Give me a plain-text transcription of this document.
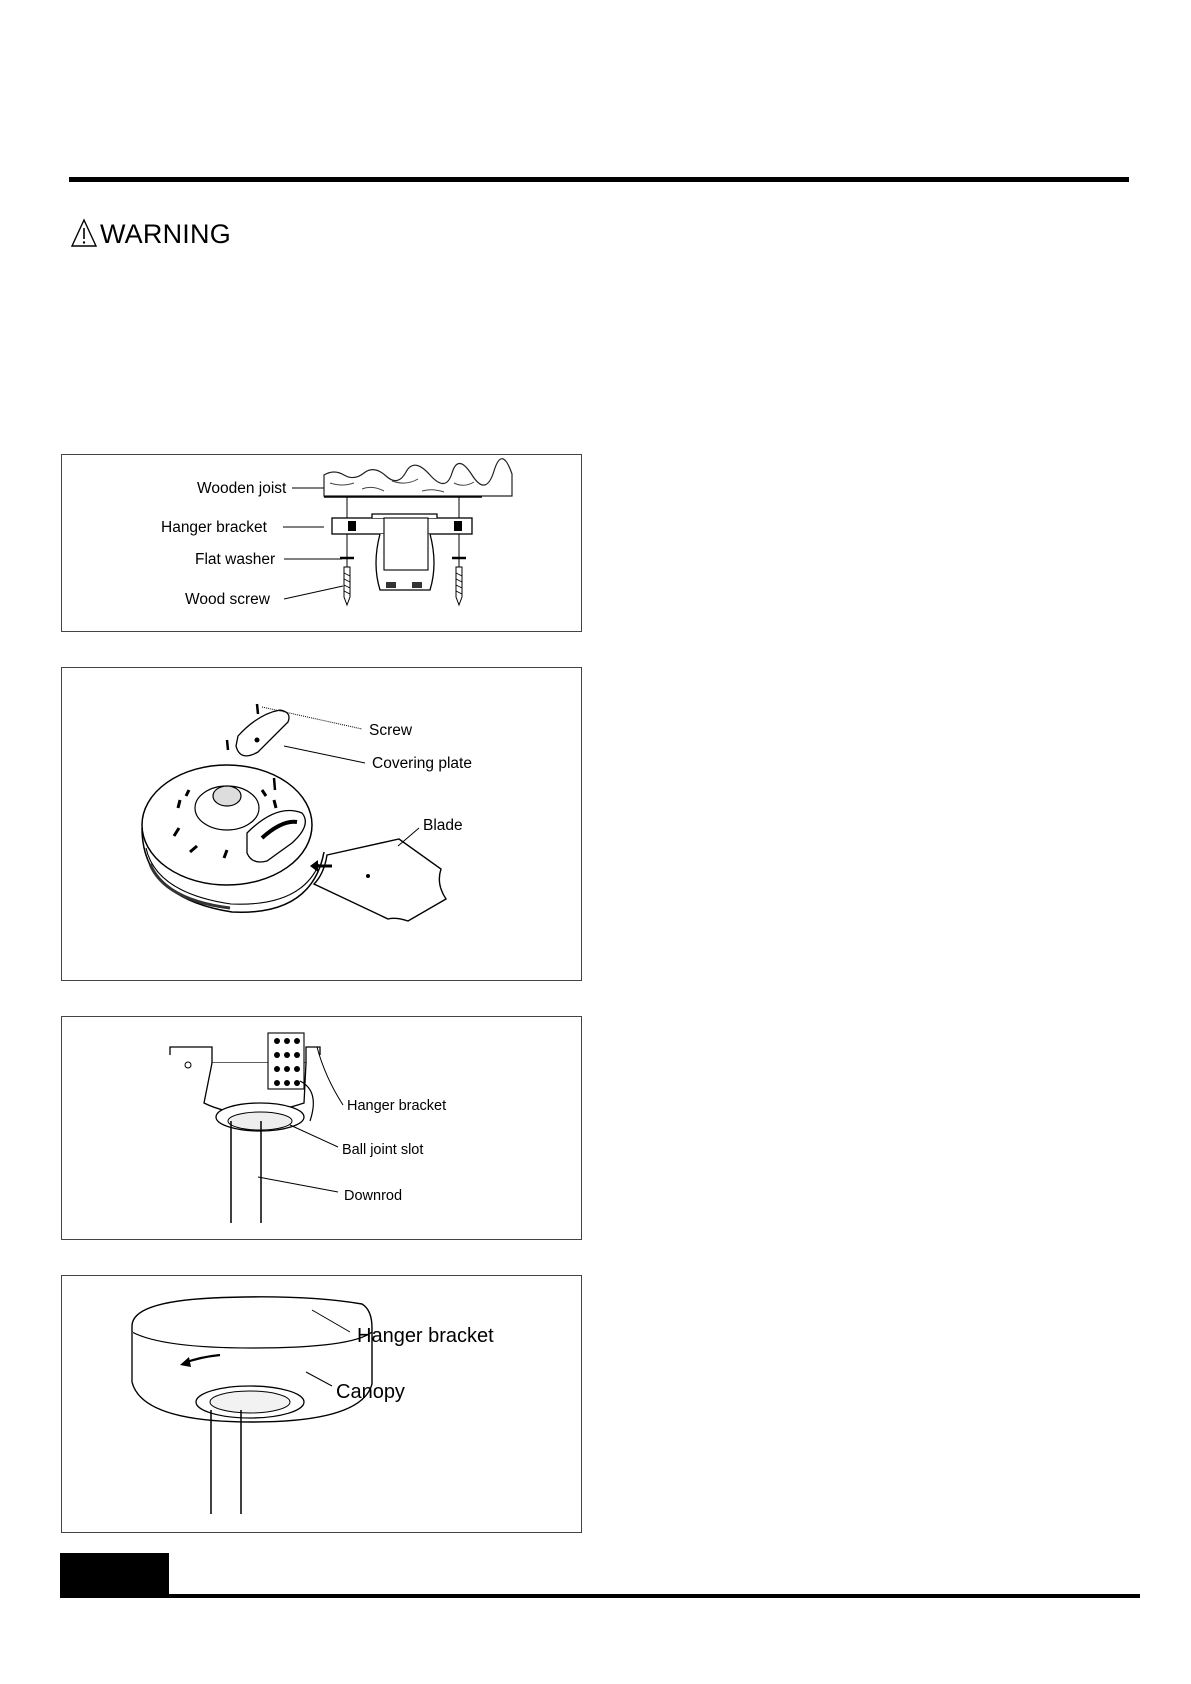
WARNING
Wooden joist
Hanger bracket
Flat washer
Wood screw
Screw
Covering plate
Blade
Hanger bracket
Ball joint slot
Downrod
Hanger bracket
Canopy
